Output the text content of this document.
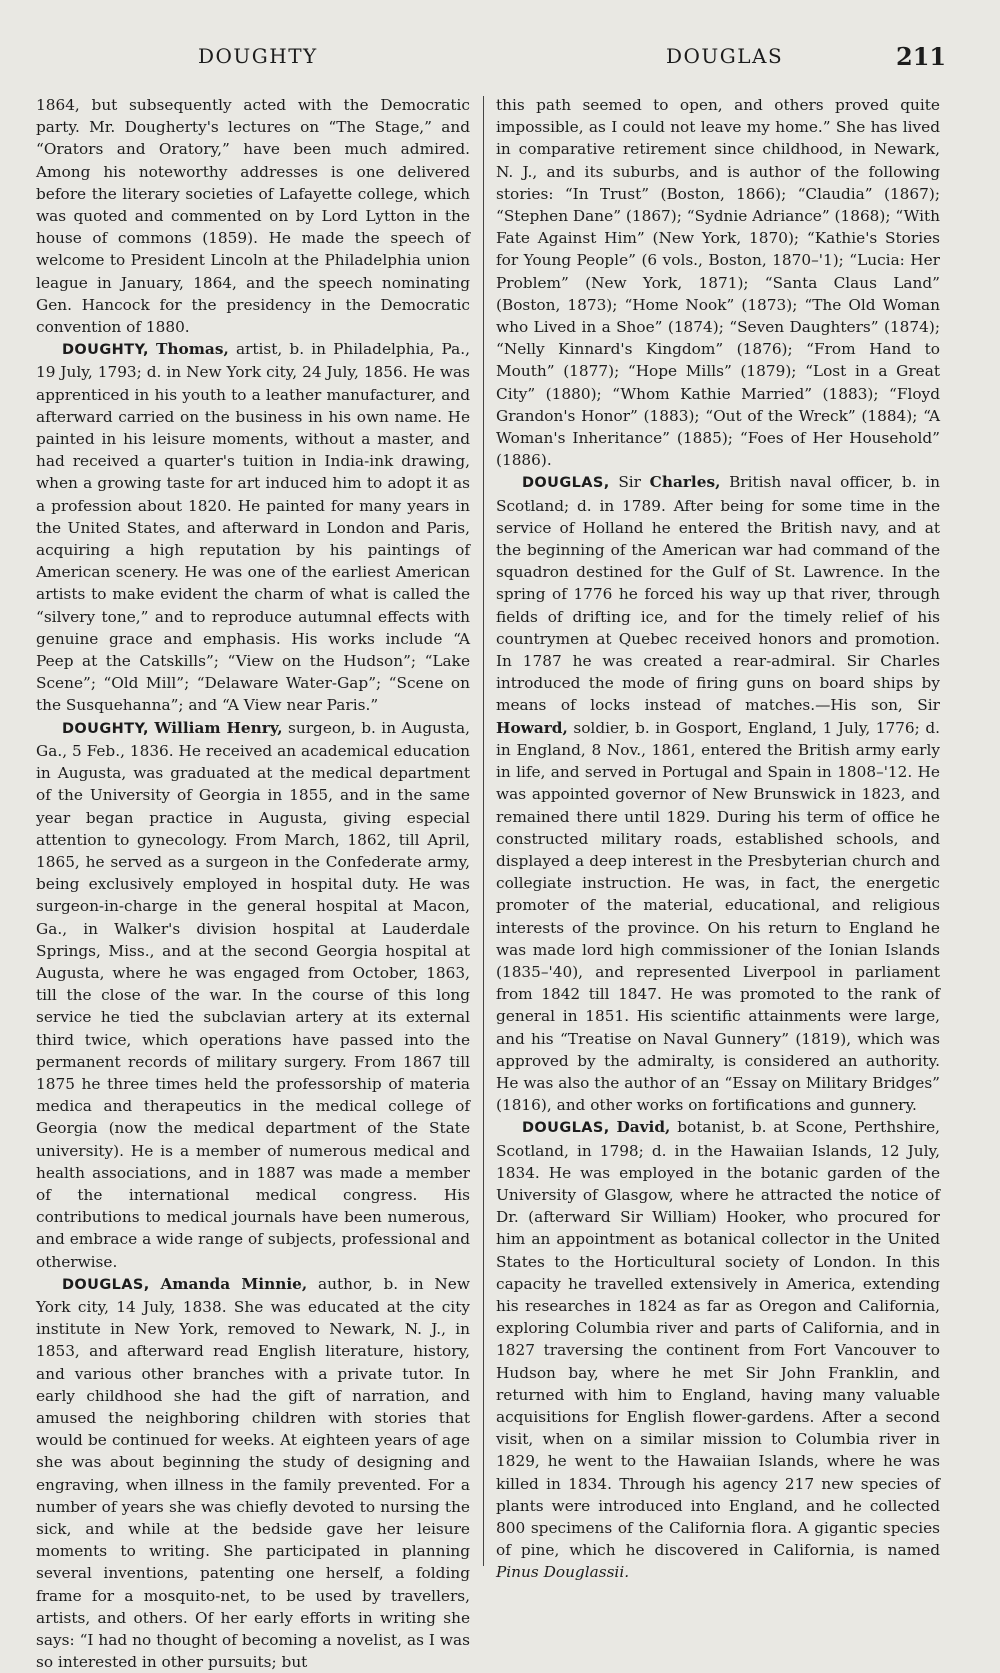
DOUGHTY	DOUGLAS	211

1864, but subsequently acted with the Democratic party. Mr. Dougherty's lectures on “The Stage,” and “Orators and Oratory,” have been much admired. Among his noteworthy addresses is one delivered before the literary societies of Lafayette college, which was quoted and commented on by Lord Lytton in the house of commons (1859). He made the speech of welcome to President Lincoln at the Philadelphia union league in January, 1864, and the speech nominating Gen. Hancock for the presidency in the Democratic convention of 1880.

DOUGHTY, Thomas, artist, b. in Philadelphia, Pa., 19 July, 1793; d. in New York city, 24 July, 1856. He was apprenticed in his youth to a leather manufacturer, and afterward carried on the business in his own name. He painted in his leisure moments, without a master, and had received a quarter's tuition in India-ink drawing, when a growing taste for art induced him to adopt it as a profession about 1820. He painted for many years in the United States, and afterward in London and Paris, acquiring a high reputation by his paintings of American scenery. He was one of the earliest American artists to make evident the charm of what is called the “silvery tone,” and to reproduce autumnal effects with genuine grace and emphasis. His works include “A Peep at the Catskills”; “View on the Hudson”; “Lake Scene”; “Old Mill”; “Delaware Water-Gap”; “Scene on the Susquehanna”; and “A View near Paris.”

DOUGHTY, William Henry, surgeon, b. in Augusta, Ga., 5 Feb., 1836. He received an academical education in Augusta, was graduated at the medical department of the University of Georgia in 1855, and in the same year began practice in Augusta, giving especial attention to gynecology. From March, 1862, till April, 1865, he served as a surgeon in the Confederate army, being exclusively employed in hospital duty. He was surgeon-in-charge in the general hospital at Macon, Ga., in Walker's division hospital at Lauderdale Springs, Miss., and at the second Georgia hospital at Augusta, where he was engaged from October, 1863, till the close of the war. In the course of this long service he tied the subclavian artery at its external third twice, which operations have passed into the permanent records of military surgery. From 1867 till 1875 he three times held the professorship of materia medica and therapeutics in the medical college of Georgia (now the medical department of the State university). He is a member of numerous medical and health associations, and in 1887 was made a member of the international medical congress. His contributions to medical journals have been numerous, and embrace a wide range of subjects, professional and otherwise.

DOUGLAS, Amanda Minnie, author, b. in New York city, 14 July, 1838. She was educated at the city institute in New York, removed to Newark, N. J., in 1853, and afterward read English literature, history, and various other branches with a private tutor. In early childhood she had the gift of narration, and amused the neighboring children with stories that would be continued for weeks. At eighteen years of age she was about beginning the study of designing and engraving, when illness in the family prevented. For a number of years she was chiefly devoted to nursing the sick, and while at the bedside gave her leisure moments to writing. She participated in planning several inventions, patenting one herself, a folding frame for a mosquito-net, to be used by travellers, artists, and others. Of her early efforts in writing she says: “I had no thought of becoming a novelist, as I was so interested in other pursuits; but

this path seemed to open, and others proved quite impossible, as I could not leave my home.” She has lived in comparative retirement since childhood, in Newark, N. J., and its suburbs, and is author of the following stories: “In Trust” (Boston, 1866); “Claudia” (1867); “Stephen Dane” (1867); “Sydnie Adriance” (1868); “With Fate Against Him” (New York, 1870); “Kathie's Stories for Young People” (6 vols., Boston, 1870–'1); “Lucia: Her Problem” (New York, 1871); “Santa Claus Land” (Boston, 1873); “Home Nook” (1873); “The Old Woman who Lived in a Shoe” (1874); “Seven Daughters” (1874); “Nelly Kinnard's Kingdom” (1876); “From Hand to Mouth” (1877); “Hope Mills” (1879); “Lost in a Great City” (1880); “Whom Kathie Married” (1883); “Floyd Grandon's Honor” (1883); “Out of the Wreck” (1884); “A Woman's Inheritance” (1885); “Foes of Her Household” (1886).

DOUGLAS, Sir Charles, British naval officer, b. in Scotland; d. in 1789. After being for some time in the service of Holland he entered the British navy, and at the beginning of the American war had command of the squadron destined for the Gulf of St. Lawrence. In the spring of 1776 he forced his way up that river, through fields of drifting ice, and for the timely relief of his countrymen at Quebec received honors and promotion. In 1787 he was created a rear-admiral. Sir Charles introduced the mode of firing guns on board ships by means of locks instead of matches.—His son, Sir Howard, soldier, b. in Gosport, England, 1 July, 1776; d. in England, 8 Nov., 1861, entered the British army early in life, and served in Portugal and Spain in 1808–'12. He was appointed governor of New Brunswick in 1823, and remained there until 1829. During his term of office he constructed military roads, established schools, and displayed a deep interest in the Presbyterian church and collegiate instruction. He was, in fact, the energetic promoter of the material, educational, and religious interests of the province. On his return to England he was made lord high commissioner of the Ionian Islands (1835–'40), and represented Liverpool in parliament from 1842 till 1847. He was promoted to the rank of general in 1851. His scientific attainments were large, and his “Treatise on Naval Gunnery” (1819), which was approved by the admiralty, is considered an authority. He was also the author of an “Essay on Military Bridges” (1816), and other works on fortifications and gunnery.

DOUGLAS, David, botanist, b. at Scone, Perthshire, Scotland, in 1798; d. in the Hawaiian Islands, 12 July, 1834. He was employed in the botanic garden of the University of Glasgow, where he attracted the notice of Dr. (afterward Sir William) Hooker, who procured for him an appointment as botanical collector in the United States to the Horticultural society of London. In this capacity he travelled extensively in America, extending his researches in 1824 as far as Oregon and California, exploring Columbia river and parts of California, and in 1827 traversing the continent from Fort Vancouver to Hudson bay, where he met Sir John Franklin, and returned with him to England, having many valuable acquisitions for English flower-gardens. After a second visit, when on a similar mission to Columbia river in 1829, he went to the Hawaiian Islands, where he was killed in 1834. Through his agency 217 new species of plants were introduced into England, and he collected 800 specimens of the California flora. A gigantic species of pine, which he discovered in California, is named Pinus Douglassii.
